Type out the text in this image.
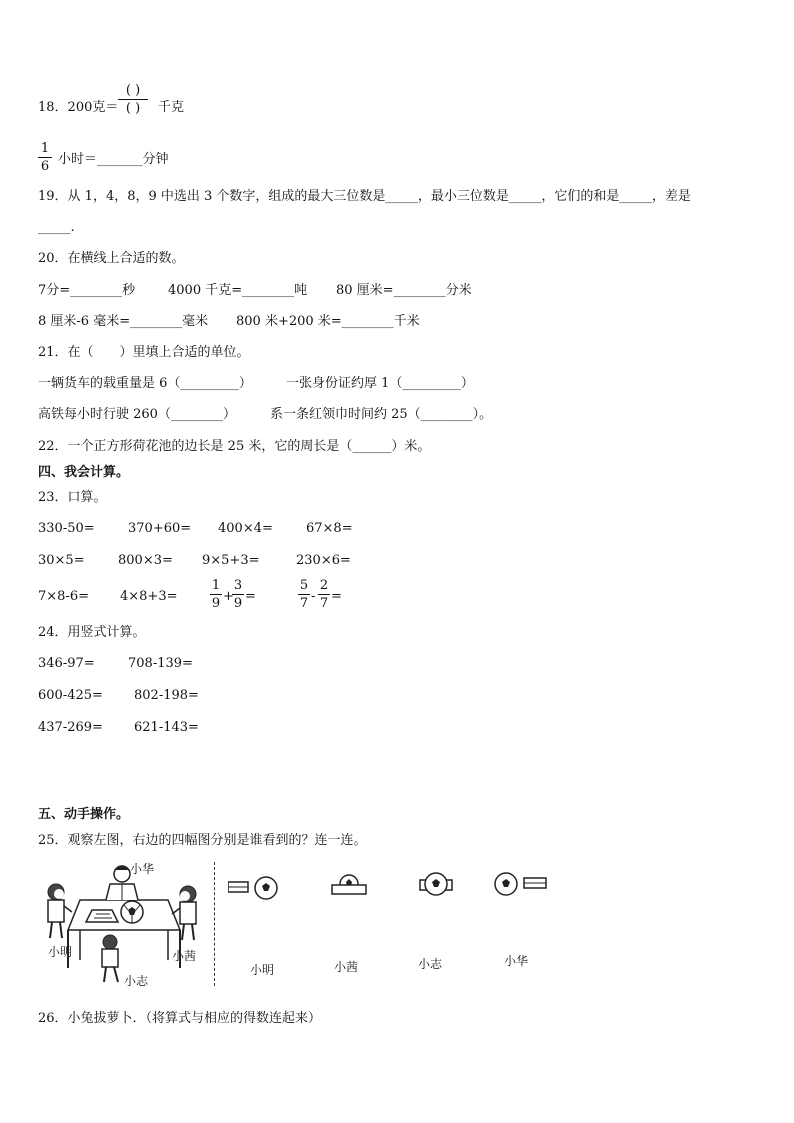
18．200克＝
( )
( )	千克
1
6 小时＝_______分钟
19．从 1，4，8，9 中选出 3 个数字，组成的最大三位数是_____，最小三位数是_____，它们的和是_____，差是
_____.
20．在横线上合适的数。
7分=________秒	4000 千克=________吨 80 厘米=________分米
8 厘米-6 毫米=________毫米 800 米+200 米=________千米
21．在（　　）里填上合适的单位。
一辆货车的载重量是 6（_________）	一张身份证约厚 1（_________）
高铁每小时行驶 260（________）	系一条红领巾时间约 25（________）。
22．一个正方形荷花池的边长是 25 米，它的周长是（______）米。
四、我会计算。
23．口算。
330-50=	370+60= 400×4=	67×8=
30×5=	800×3= 9×5+3=	230×6=
7×8-6= 4×8+3=
1
9 +
3
9 =
5
7 -
2
7 =
24．用竖式计算。
346-97=	708-139=
600-425= 802-198=
437-269= 621-143=
五、动手操作。
25．观察左图，右边的四幅图分别是谁看到的？连一连。
小华
小明	小茜
小志
小明	小茜	小志	小华
26．小兔拔萝卜．（将算式与相应的得数连起来）
